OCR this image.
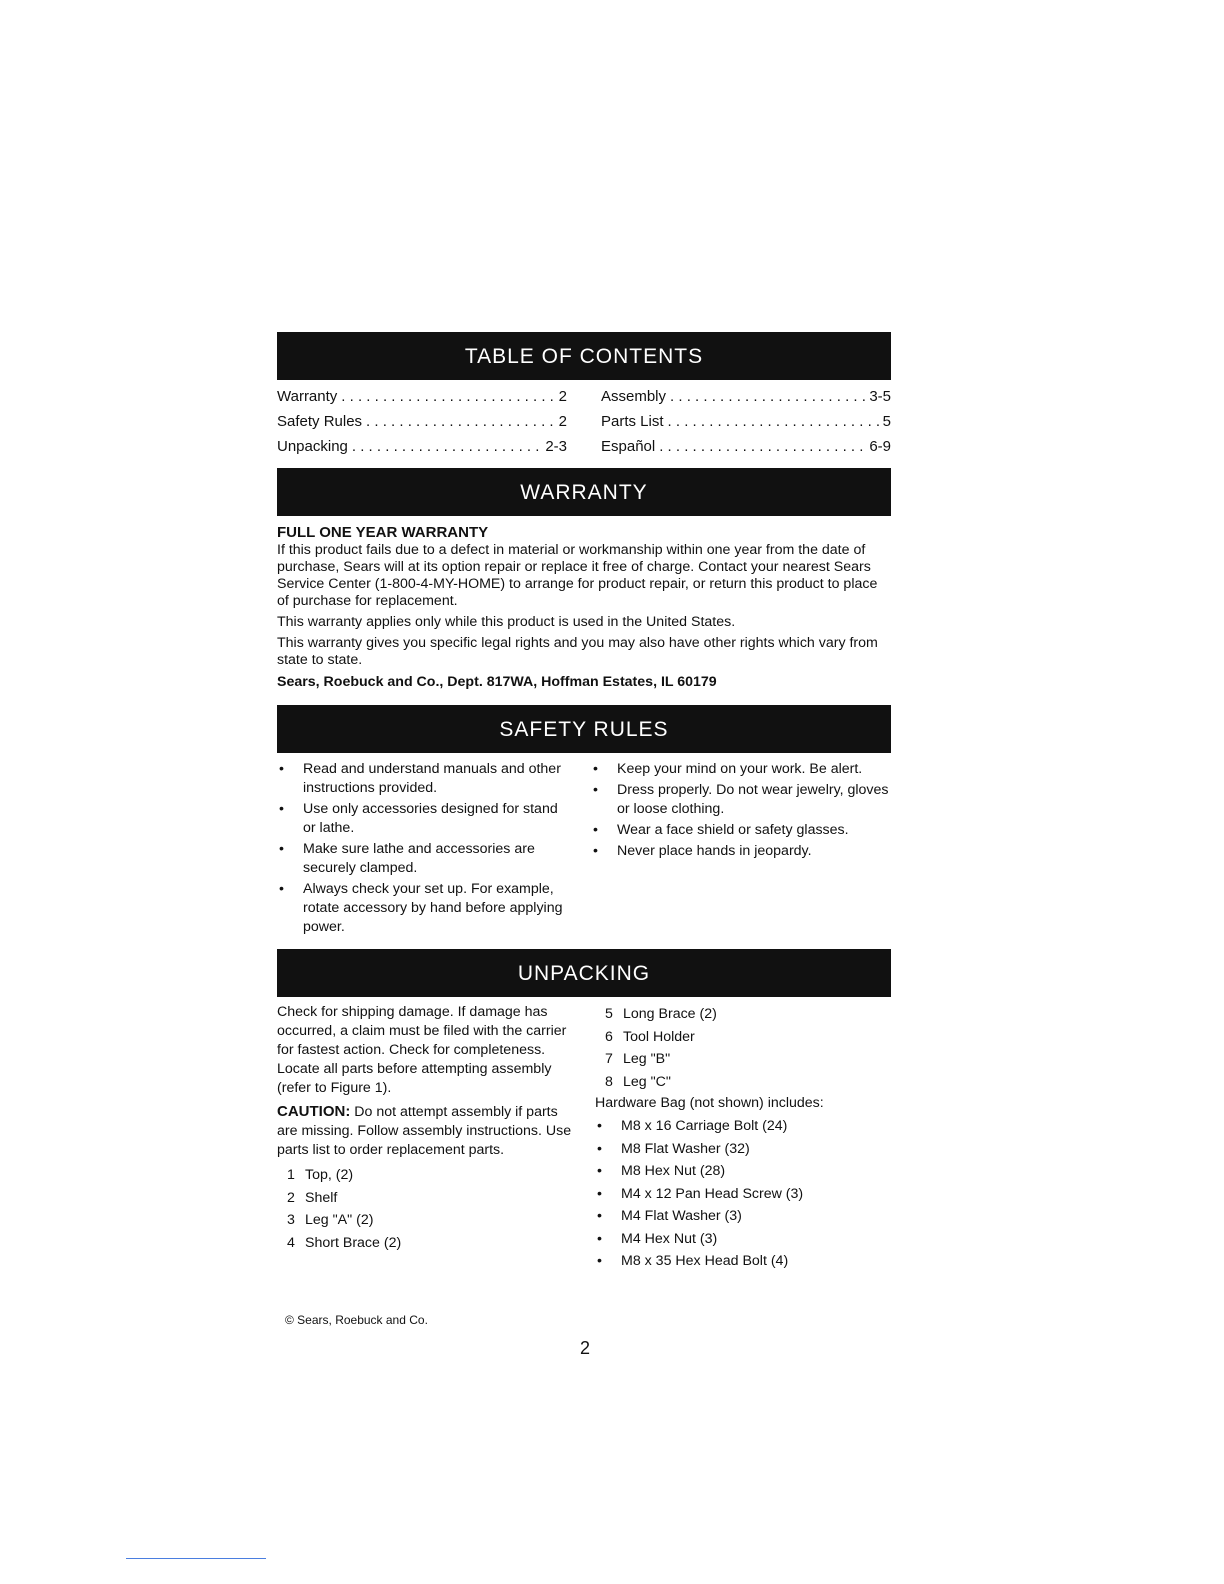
TABLE OF CONTENTS
Warranty . . .	2
Safety Rules . . .	2
Unpacking . . .	2-3
Assembly . . .	3-5
Parts List . . .	5
Español . . .	6-9
WARRANTY
FULL ONE YEAR WARRANTY

If this product fails due to a defect in material or workmanship within one year from the date of purchase, Sears will at its option repair or replace it free of charge. Contact your nearest Sears Service Center (1-800-4-MY-HOME) to arrange for product repair, or return this product to place of purchase for replacement.

This warranty applies only while this product is used in the United States.

This warranty gives you specific legal rights and you may also have other rights which vary from state to state.

Sears, Roebuck and Co., Dept. 817WA, Hoffman Estates, IL 60179
SAFETY RULES
• Read and understand manuals and other instructions provided.
• Use only accessories designed for stand or lathe.
• Make sure lathe and accessories are securely clamped.
• Always check your set up. For example, rotate accessory by hand before applying power.
• Keep your mind on your work. Be alert.
• Dress properly. Do not wear jewelry, gloves or loose clothing.
• Wear a face shield or safety glasses.
• Never place hands in jeopardy.
UNPACKING
Check for shipping damage. If damage has occurred, a claim must be filed with the carrier for fastest action. Check for completeness. Locate all parts before attempting assembly (refer to Figure 1).
CAUTION: Do not attempt assembly if parts are missing. Follow assembly instructions. Use parts list to order replacement parts.
1 Top, (2)
2 Shelf
3 Leg "A" (2)
4 Short Brace (2)
5 Long Brace (2)
6 Tool Holder
7 Leg "B"
8 Leg "C"
Hardware Bag (not shown) includes:
• M8 x 16 Carriage Bolt (24)
• M8 Flat Washer (32)
• M8 Hex Nut (28)
• M4 x 12 Pan Head Screw (3)
• M4 Flat Washer (3)
• M4 Hex Nut (3)
• M8 x 35 Hex Head Bolt (4)
© Sears, Roebuck and Co.
2
